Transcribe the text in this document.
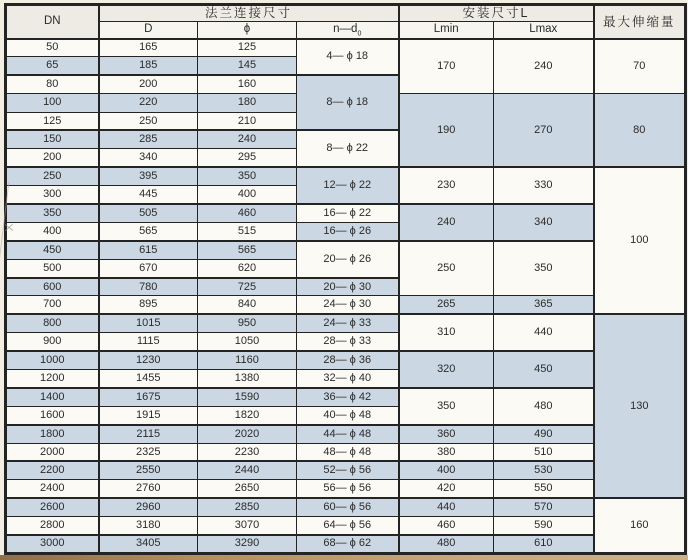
DN	法兰连接尺寸			安装尺寸L		最大伸缩量
	D	ϕ	$n—d_0$	Lmin	Lmax	
50	165	125	4— ϕ 18	170	240	70
65	185	145				
80	200	160	8— ϕ 18			
100	220	180		190	270	80
125	250	210				
150	285	240	8— ϕ 22			
200	340	295				
250	395	350	12— ϕ 22	230	330	100
300	445	400				
350	505	460	16— ϕ 22	240	340	
400	565	515	16— ϕ 26			
450	615	565	20— ϕ 26	250	350	
500	670	620				
600	780	725	20— ϕ 30			
700	895	840	24— ϕ 30	265	365	
800	1015	950	24— ϕ 33	310	440	130
900	1115	1050	28— ϕ 33			
1000	1230	1160	28— ϕ 36	320	450	
1200	1455	1380	32— ϕ 40			
1400	1675	1590	36— ϕ 42	350	480	
1600	1915	1820	40— ϕ 48			
1800	2115	2020	44— ϕ 48	360	490	
2000	2325	2230	48— ϕ 48	380	510	
2200	2550	2440	52— ϕ 56	400	530	
2400	2760	2650	56— ϕ 56	420	550	
2600	2960	2850	60— ϕ 56	440	570	160
2800	3180	3070	64— ϕ 56	460	590	
3000	3405	3290	68— ϕ 62	480	610	
